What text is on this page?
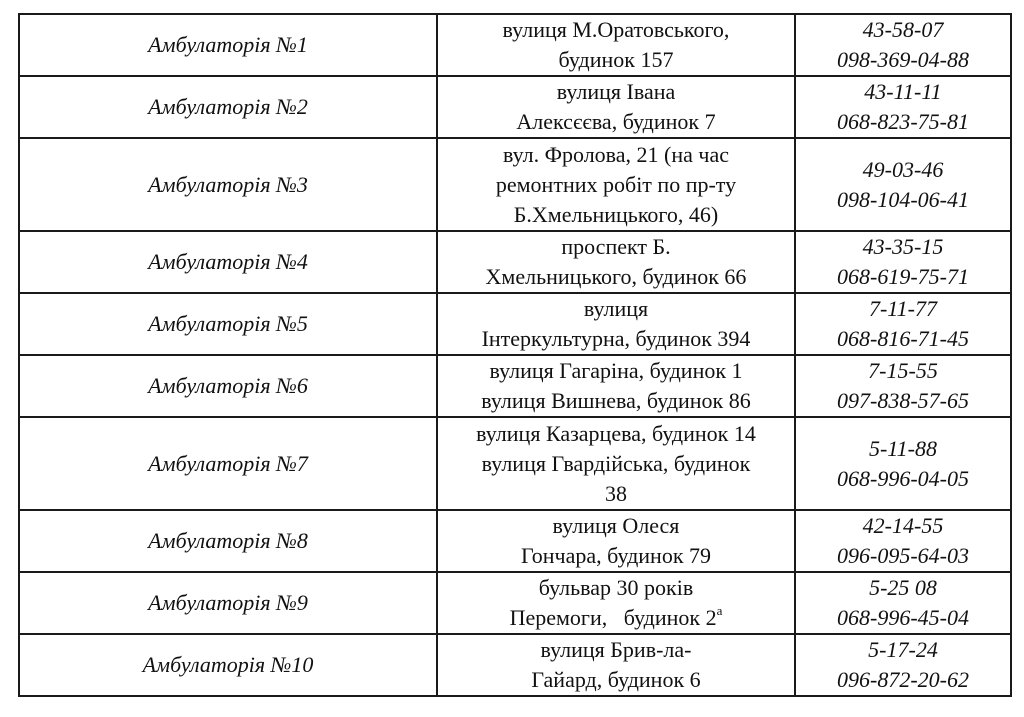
Амбулаторія №1	вулиця М.Оратовського,
будинок 157	43-58-07
098-369-04-88

Амбулаторія №2	вулиця Івана
Алексєєва, будинок 7	43-11-11
068-823-75-81

Амбулаторія №3	вул. Фролова, 21 (на час
ремонтних робіт по пр-ту
Б.Хмельницького, 46)	49-03-46
098-104-06-41

Амбулаторія №4	проспект Б.
Хмельницького, будинок 66	43-35-15
068-619-75-71

Амбулаторія №5	вулиця
Інтеркультурна, будинок 394	7-11-77
068-816-71-45

Амбулаторія №6	вулиця Гагаріна, будинок 1
вулиця Вишнева, будинок 86	7-15-55
097-838-57-65

Амбулаторія №7	вулиця Казарцева, будинок 14
вулиця Гвардійська, будинок
38	5-11-88
068-996-04-05

Амбулаторія №8	вулиця Олеся
Гончара, будинок 79	42-14-55
096-095-64-03

Амбулаторія №9	бульвар 30 років
Перемоги,   будинок $2^а$	5-25 08
068-996-45-04

Амбулаторія №10	вулиця Брив-ла-
Гайард, будинок 6	5-17-24
096-872-20-62
